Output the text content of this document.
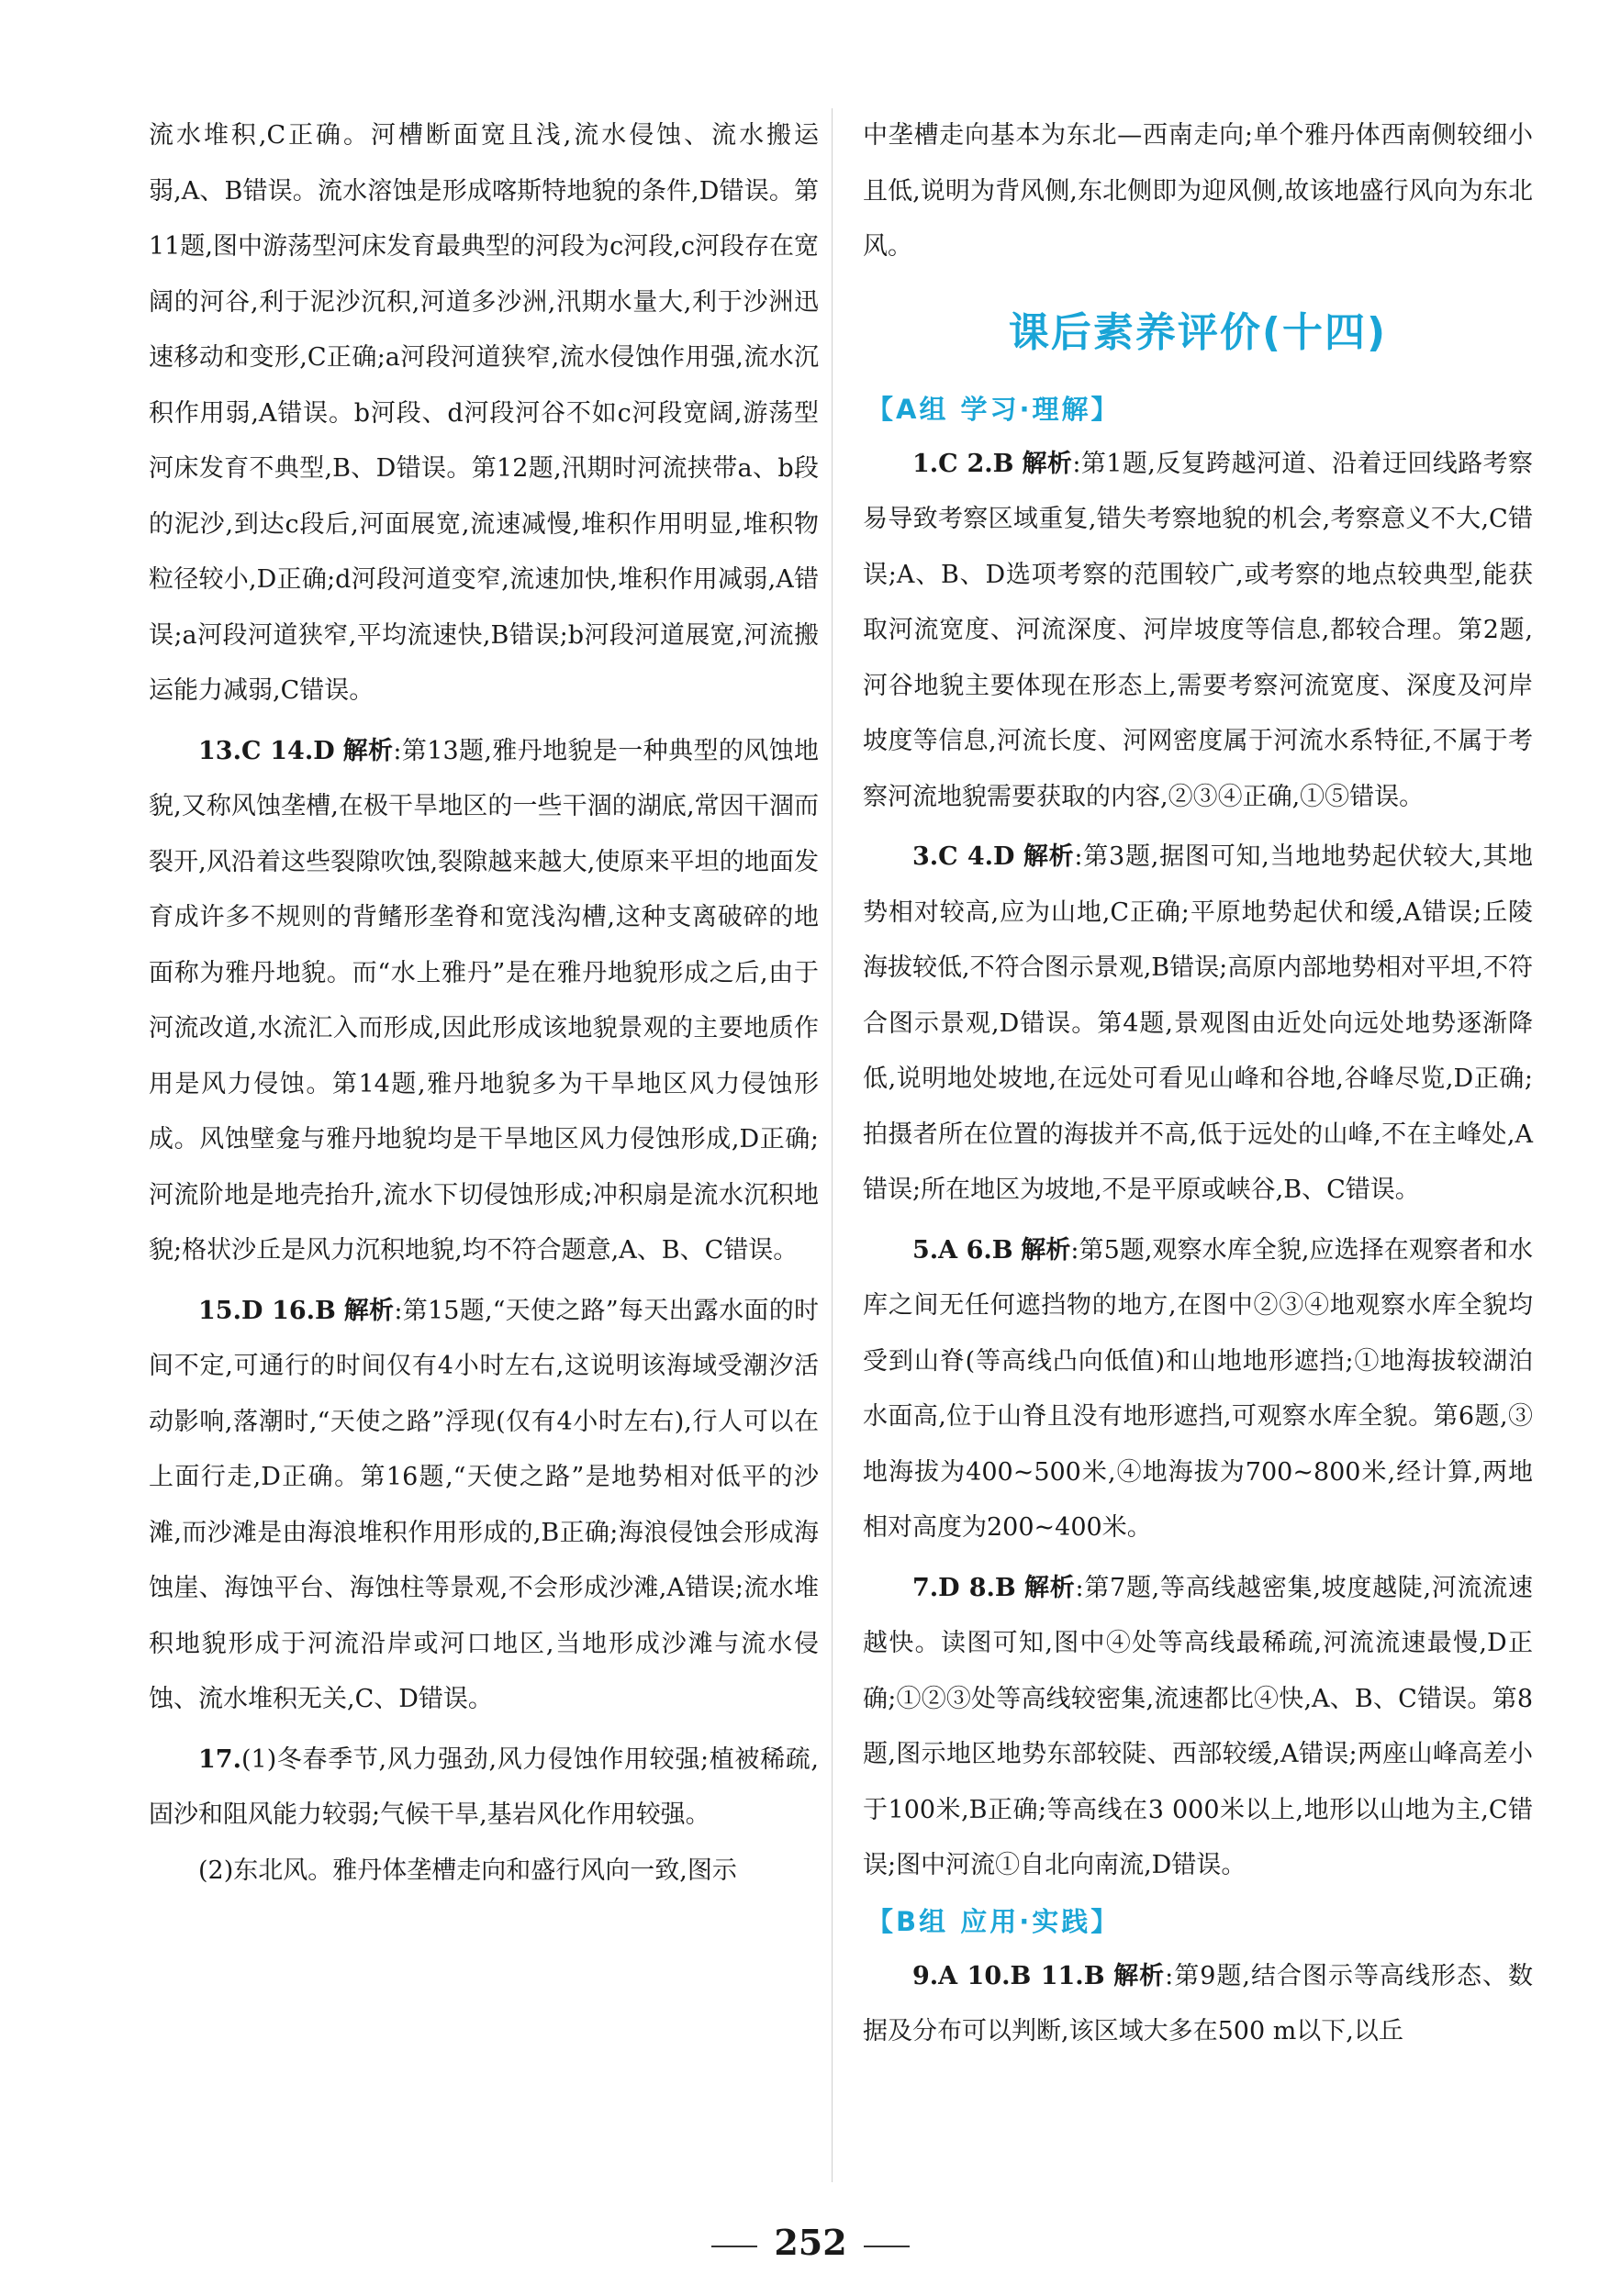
流水堆积,C正确。河槽断面宽且浅,流水侵蚀、流水搬运弱,A、B错误。流水溶蚀是形成喀斯特地貌的条件,D错误。第11题,图中游荡型河床发育最典型的河段为c河段,c河段存在宽阔的河谷,利于泥沙沉积,河道多沙洲,汛期水量大,利于沙洲迅速移动和变形,C正确;a河段河道狭窄,流水侵蚀作用强,流水沉积作用弱,A错误。b河段、d河段河谷不如c河段宽阔,游荡型河床发育不典型,B、D错误。第12题,汛期时河流挟带a、b段的泥沙,到达c段后,河面展宽,流速减慢,堆积作用明显,堆积物粒径较小,D正确;d河段河道变窄,流速加快,堆积作用减弱,A错误;a河段河道狭窄,平均流速快,B错误;b河段河道展宽,河流搬运能力减弱,C错误。

13.C 14.D 解析:第13题,雅丹地貌是一种典型的风蚀地貌,又称风蚀垄槽,在极干旱地区的一些干涸的湖底,常因干涸而裂开,风沿着这些裂隙吹蚀,裂隙越来越大,使原来平坦的地面发育成许多不规则的背鳍形垄脊和宽浅沟槽,这种支离破碎的地面称为雅丹地貌。而“水上雅丹”是在雅丹地貌形成之后,由于河流改道,水流汇入而形成,因此形成该地貌景观的主要地质作用是风力侵蚀。第14题,雅丹地貌多为干旱地区风力侵蚀形成。风蚀壁龛与雅丹地貌均是干旱地区风力侵蚀形成,D正确;河流阶地是地壳抬升,流水下切侵蚀形成;冲积扇是流水沉积地貌;格状沙丘是风力沉积地貌,均不符合题意,A、B、C错误。

15.D 16.B 解析:第15题,“天使之路”每天出露水面的时间不定,可通行的时间仅有4小时左右,这说明该海域受潮汐活动影响,落潮时,“天使之路”浮现(仅有4小时左右),行人可以在上面行走,D正确。第16题,“天使之路”是地势相对低平的沙滩,而沙滩是由海浪堆积作用形成的,B正确;海浪侵蚀会形成海蚀崖、海蚀平台、海蚀柱等景观,不会形成沙滩,A错误;流水堆积地貌形成于河流沿岸或河口地区,当地形成沙滩与流水侵蚀、流水堆积无关,C、D错误。

17.(1)冬春季节,风力强劲,风力侵蚀作用较强;植被稀疏,固沙和阻风能力较弱;气候干旱,基岩风化作用较强。

(2)东北风。雅丹体垄槽走向和盛行风向一致,图示

中垄槽走向基本为东北—西南走向;单个雅丹体西南侧较细小且低,说明为背风侧,东北侧即为迎风侧,故该地盛行风向为东北风。

课后素养评价(十四)
【A组 学习·理解】

1.C 2.B 解析:第1题,反复跨越河道、沿着迂回线路考察易导致考察区域重复,错失考察地貌的机会,考察意义不大,C错误;A、B、D选项考察的范围较广,或考察的地点较典型,能获取河流宽度、河流深度、河岸坡度等信息,都较合理。第2题,河谷地貌主要体现在形态上,需要考察河流宽度、深度及河岸坡度等信息,河流长度、河网密度属于河流水系特征,不属于考察河流地貌需要获取的内容,②③④正确,①⑤错误。

3.C 4.D 解析:第3题,据图可知,当地地势起伏较大,其地势相对较高,应为山地,C正确;平原地势起伏和缓,A错误;丘陵海拔较低,不符合图示景观,B错误;高原内部地势相对平坦,不符合图示景观,D错误。第4题,景观图由近处向远处地势逐渐降低,说明地处坡地,在远处可看见山峰和谷地,谷峰尽览,D正确;拍摄者所在位置的海拔并不高,低于远处的山峰,不在主峰处,A错误;所在地区为坡地,不是平原或峡谷,B、C错误。

5.A 6.B 解析:第5题,观察水库全貌,应选择在观察者和水库之间无任何遮挡物的地方,在图中②③④地观察水库全貌均受到山脊(等高线凸向低值)和山地地形遮挡;①地海拔较湖泊水面高,位于山脊且没有地形遮挡,可观察水库全貌。第6题,③地海拔为400~500米,④地海拔为700~800米,经计算,两地相对高度为200~400米。

7.D 8.B 解析:第7题,等高线越密集,坡度越陡,河流流速越快。读图可知,图中④处等高线最稀疏,河流流速最慢,D正确;①②③处等高线较密集,流速都比④快,A、B、C错误。第8题,图示地区地势东部较陡、西部较缓,A错误;两座山峰高差小于100米,B正确;等高线在3 000米以上,地形以山地为主,C错误;图中河流①自北向南流,D错误。

【B组 应用·实践】

9.A 10.B 11.B 解析:第9题,结合图示等高线形态、数据及分布可以判断,该区域大多在500 m以下,以丘

252
